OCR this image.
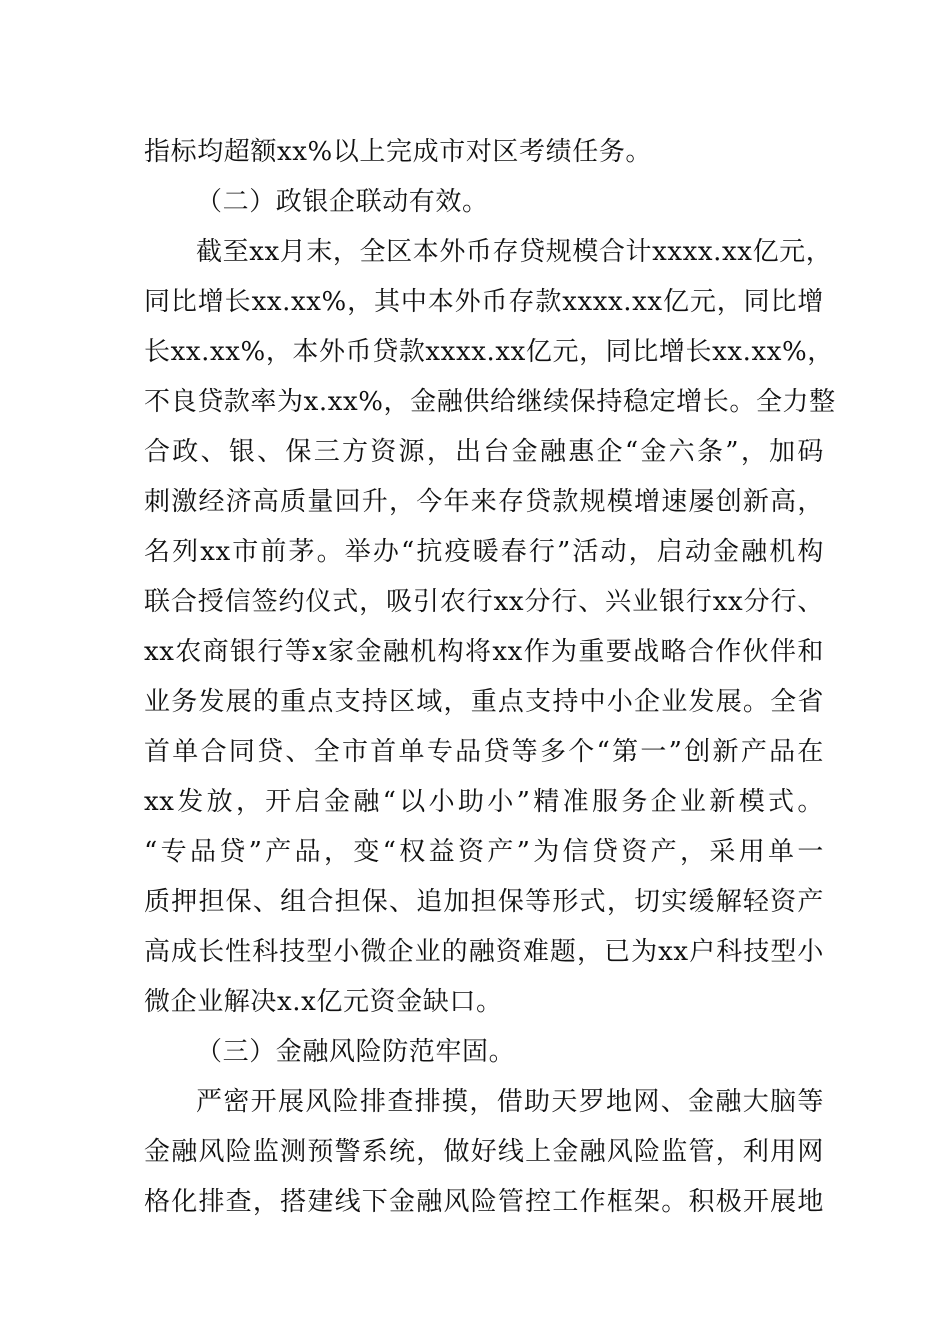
指标均超额xx%以上完成市对区考绩任务。
（二）政银企联动有效。
截至xx月末，全区本外币存贷规模合计xxxx.xx亿元，
同比增长xx.xx%，其中本外币存款xxxx.xx亿元，同比增
长xx.xx%，本外币贷款xxxx.xx亿元，同比增长xx.xx%，
不良贷款率为x.xx%，金融供给继续保持稳定增长。全力整
合政、银、保三方资源，出台金融惠企“金六条”，加码
刺激经济高质量回升，今年来存贷款规模增速屡创新高，
名列xx市前茅。举办“抗疫暖春行”活动，启动金融机构
联合授信签约仪式，吸引农行xx分行、兴业银行xx分行、
xx农商银行等x家金融机构将xx作为重要战略合作伙伴和
业务发展的重点支持区域，重点支持中小企业发展。全省
首单合同贷、全市首单专品贷等多个“第一”创新产品在
xx发放，开启金融“以小助小”精准服务企业新模式。
“专品贷”产品，变“权益资产”为信贷资产，采用单一
质押担保、组合担保、追加担保等形式，切实缓解轻资产
高成长性科技型小微企业的融资难题，已为xx户科技型小
微企业解决x.x亿元资金缺口。
（三）金融风险防范牢固。
严密开展风险排查排摸，借助天罗地网、金融大脑等
金融风险监测预警系统，做好线上金融风险监管，利用网
格化排查，搭建线下金融风险管控工作框架。积极开展地
